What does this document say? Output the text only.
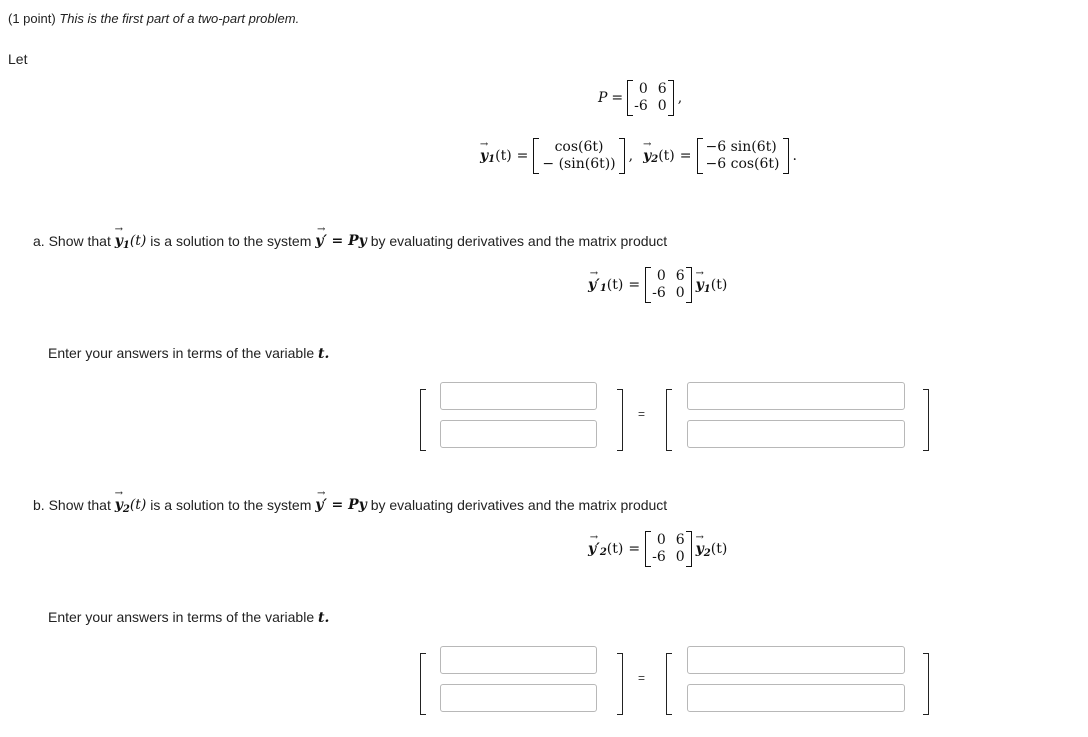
(1 point) This is the first part of a two-part problem.
Let
P =
0 6
-6 0 ,
→ y 1 (t) =
cos(6t)
− (sin(6t)) ,
→ y 2 (t) =
−6 sin(6t)
−6 cos(6t) .
a. Show that

→ $y_1(t)$
is a solution to the system

→ y′ = Py
by evaluating derivatives and the matrix product
→ y′ 1 (t) =
0 6
-6 0
→ $y_1(t)$
Enter your answers in terms of the variable t.
=
b. Show that

→ $y_2(t)$
is a solution to the system

→ y′ = Py
by evaluating derivatives and the matrix product
→ y′ 2 (t) =
0 6
-6 0
→ $y_2(t)$
Enter your answers in terms of the variable t.
=
